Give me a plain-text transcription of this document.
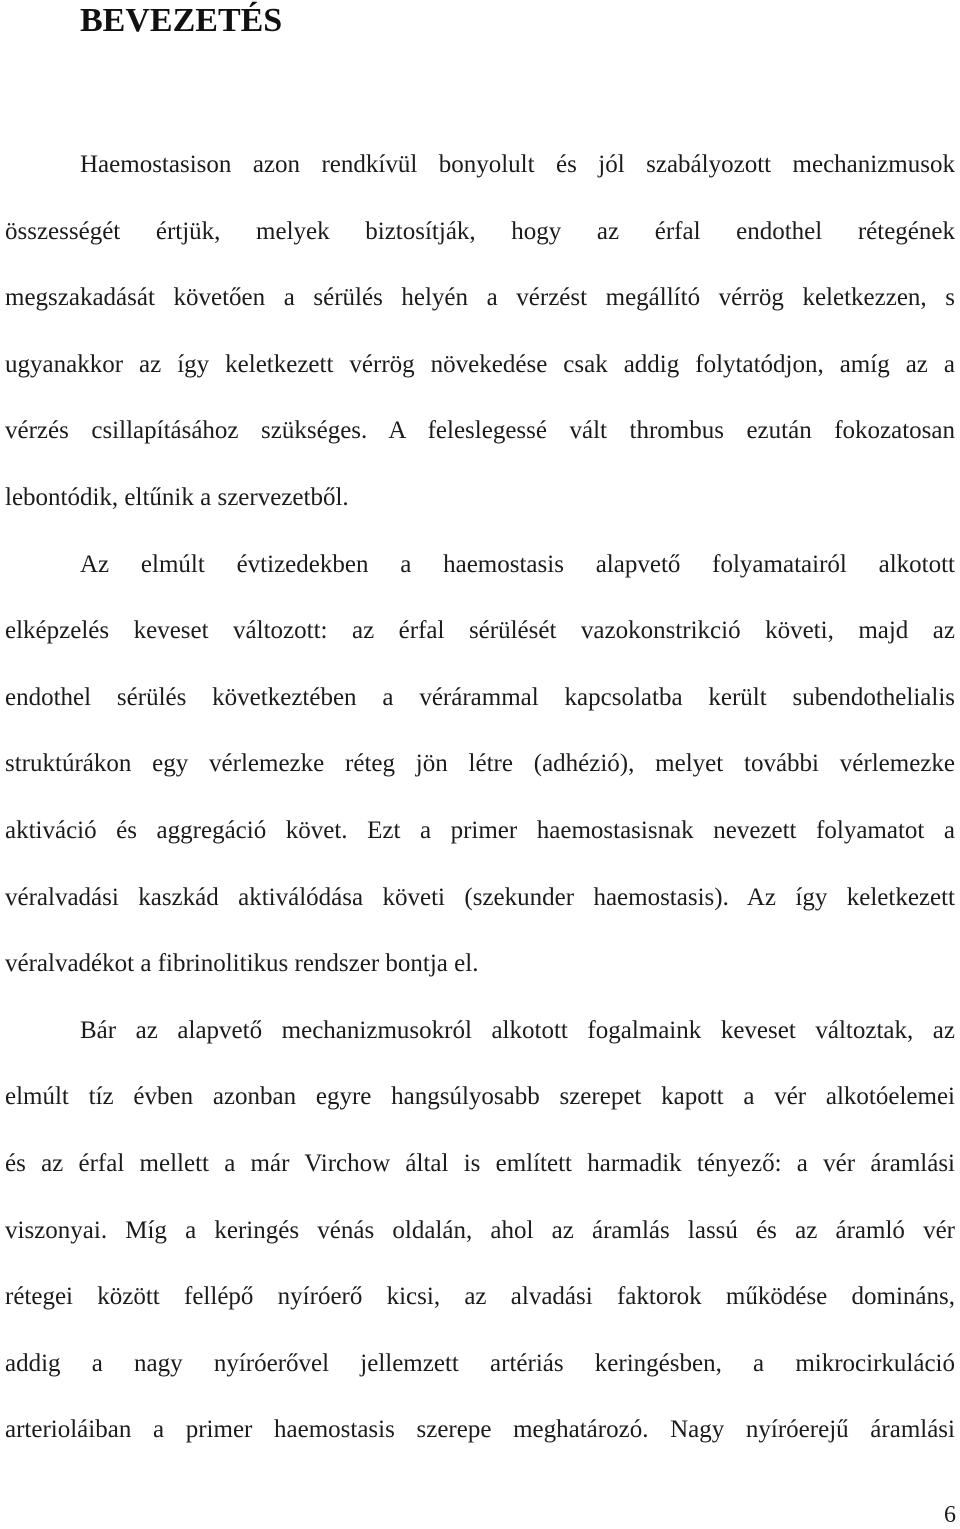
BEVEZETÉS
Haemostasison azon rendkívül bonyolult és jól szabályozott mechanizmusok
összességét értjük, melyek biztosítják, hogy az érfal endothel rétegének
megszakadását követően a sérülés helyén a vérzést megállító vérrög keletkezzen, s
ugyanakkor az így keletkezett vérrög növekedése csak addig folytatódjon, amíg az a
vérzés csillapításához szükséges. A feleslegessé vált thrombus ezután fokozatosan
lebontódik, eltűnik a szervezetből.
Az elmúlt évtizedekben a haemostasis alapvető folyamatairól alkotott
elképzelés keveset változott: az érfal sérülését vazokonstrikció követi, majd az
endothel sérülés következtében a vérárammal kapcsolatba került subendothelialis
struktúrákon egy vérlemezke réteg jön létre (adhézió), melyet további vérlemezke
aktiváció és aggregáció követ. Ezt a primer haemostasisnak nevezett folyamatot a
véralvadási kaszkád aktiválódása követi (szekunder haemostasis). Az így keletkezett
véralvadékot a fibrinolitikus rendszer bontja el.
Bár az alapvető mechanizmusokról alkotott fogalmaink keveset változtak, az
elmúlt tíz évben azonban egyre hangsúlyosabb szerepet kapott a vér alkotóelemei
és az érfal mellett a már Virchow által is említett harmadik tényező: a vér áramlási
viszonyai. Míg a keringés vénás oldalán, ahol az áramlás lassú és az áramló vér
rétegei között fellépő nyíróerő kicsi, az alvadási faktorok működése domináns,
addig a nagy nyíróerővel jellemzett artériás keringésben, a mikrocirkuláció
arterioláiban a primer haemostasis szerepe meghatározó. Nagy nyíróerejű áramlási
6
